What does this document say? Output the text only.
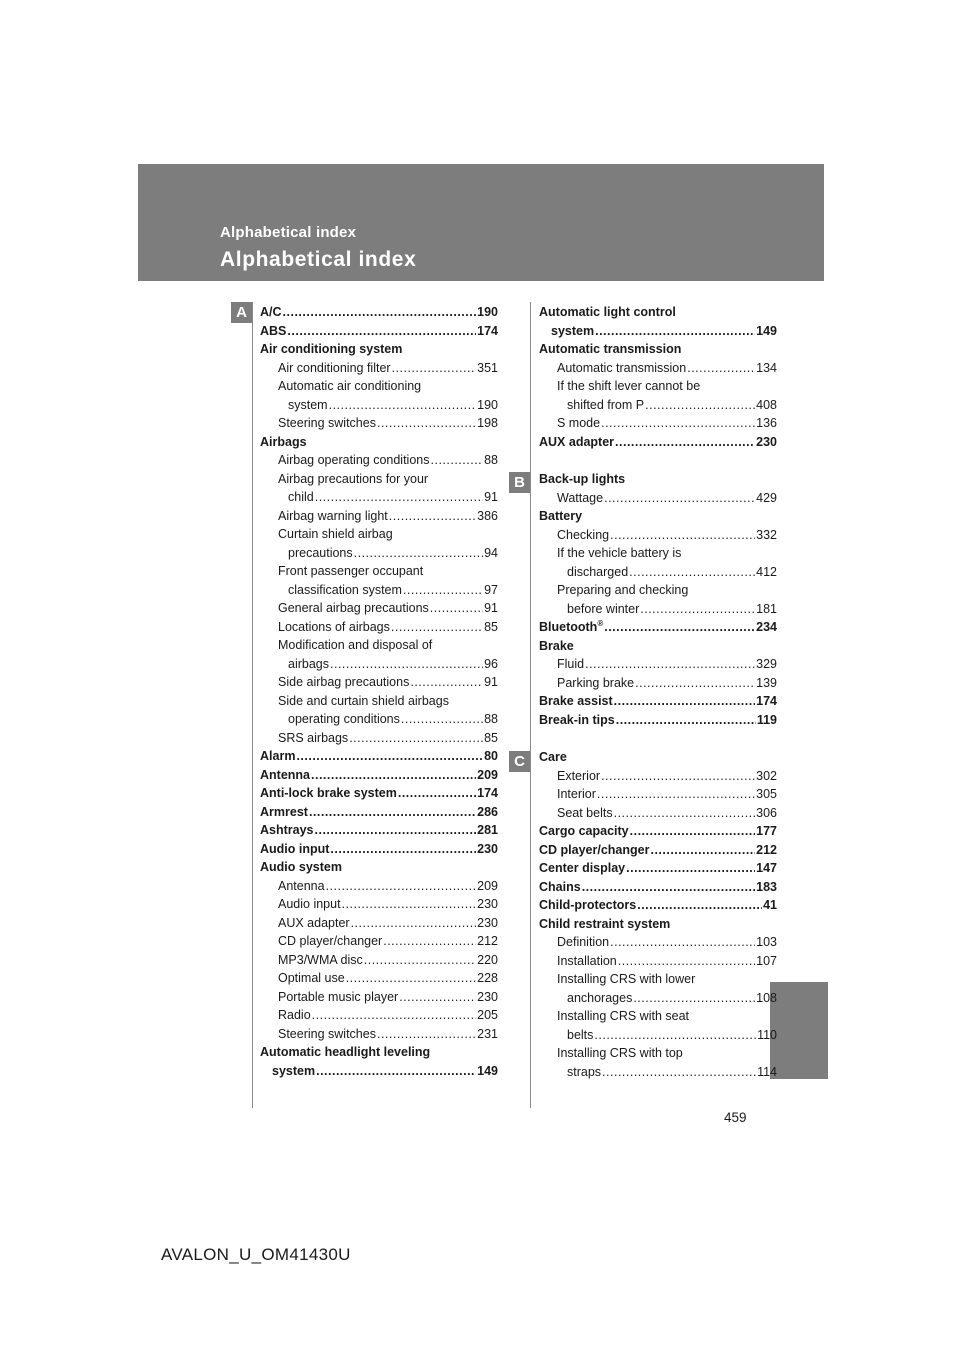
Alphabetical index

Alphabetical index
A
B
C
A/C .....	190
ABS .....	174
Air conditioning system
Air conditioning filter .....	351
Automatic air conditioning
system .....	190
Steering switches .....	198
Airbags
Airbag operating conditions .....	88
Airbag precautions for your
child .....	91
Airbag warning light .....	386
Curtain shield airbag
precautions .....	94
Front passenger occupant
classification system .....	97
General airbag precautions .....	91
Locations of airbags .....	85
Modification and disposal of
airbags .....	96
Side airbag precautions .....	91
Side and curtain shield airbags
operating conditions .....	88
SRS airbags .....	85
Alarm .....	80
Antenna .....	209
Anti-lock brake system .....	174
Armrest .....	286
Ashtrays .....	281
Audio input .....	230
Audio system
Antenna .....	209
Audio input .....	230
AUX adapter .....	230
CD player/changer .....	212
MP3/WMA disc .....	220
Optimal use .....	228
Portable music player .....	230
Radio .....	205
Steering switches .....	231
Automatic headlight leveling
system .....	149
Automatic light control
system .....	149
Automatic transmission
Automatic transmission .....	134
If the shift lever cannot be
shifted from P .....	408
S mode .....	136
AUX adapter .....	230
Back-up lights
Wattage .....	429
Battery
Checking .....	332
If the vehicle battery is
discharged .....	412
Preparing and checking
before winter .....	181
Bluetooth® .....	234
Brake
Fluid .....	329
Parking brake .....	139
Brake assist .....	174
Break-in tips .....	119
Care
Exterior .....	302
Interior .....	305
Seat belts .....	306
Cargo capacity .....	177
CD player/changer .....	212
Center display .....	147
Chains .....	183
Child-protectors .....	41
Child restraint system
Definition .....	103
Installation .....	107
Installing CRS with lower
anchorages .....	108
Installing CRS with seat
belts .....	110
Installing CRS with top
straps .....	114

459

AVALON_U_OM41430U
